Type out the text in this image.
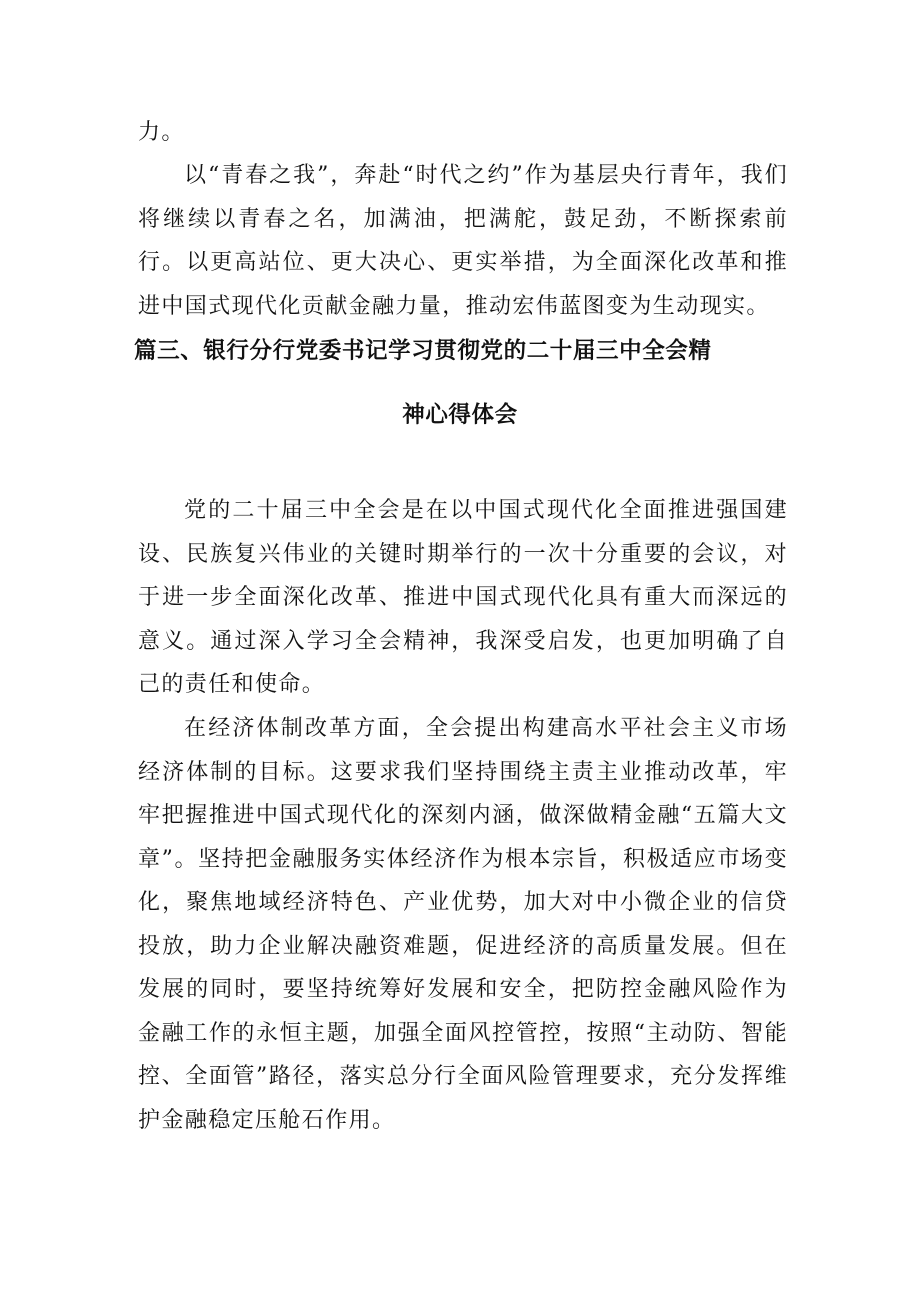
力。

以“青春之我”，奔赴“时代之约”作为基层央行青年，我们将继续以青春之名，加满油，把满舵，鼓足劲，不断探索前行。以更高站位、更大决心、更实举措，为全面深化改革和推进中国式现代化贡献金融力量，推动宏伟蓝图变为生动现实。

篇三、银行分行党委书记学习贯彻党的二十届三中全会精
神心得体会

党的二十届三中全会是在以中国式现代化全面推进强国建设、民族复兴伟业的关键时期举行的一次十分重要的会议，对于进一步全面深化改革、推进中国式现代化具有重大而深远的意义。通过深入学习全会精神，我深受启发，也更加明确了自己的责任和使命。

在经济体制改革方面，全会提出构建高水平社会主义市场经济体制的目标。这要求我们坚持围绕主责主业推动改革，牢牢把握推进中国式现代化的深刻内涵，做深做精金融“五篇大文章”。坚持把金融服务实体经济作为根本宗旨，积极适应市场变化，聚焦地域经济特色、产业优势，加大对中小微企业的信贷投放，助力企业解决融资难题，促进经济的高质量发展。但在发展的同时，要坚持统筹好发展和安全，把防控金融风险作为金融工作的永恒主题，加强全面风控管控，按照“主动防、智能控、全面管”路径，落实总分行全面风险管理要求，充分发挥维护金融稳定压舱石作用。
